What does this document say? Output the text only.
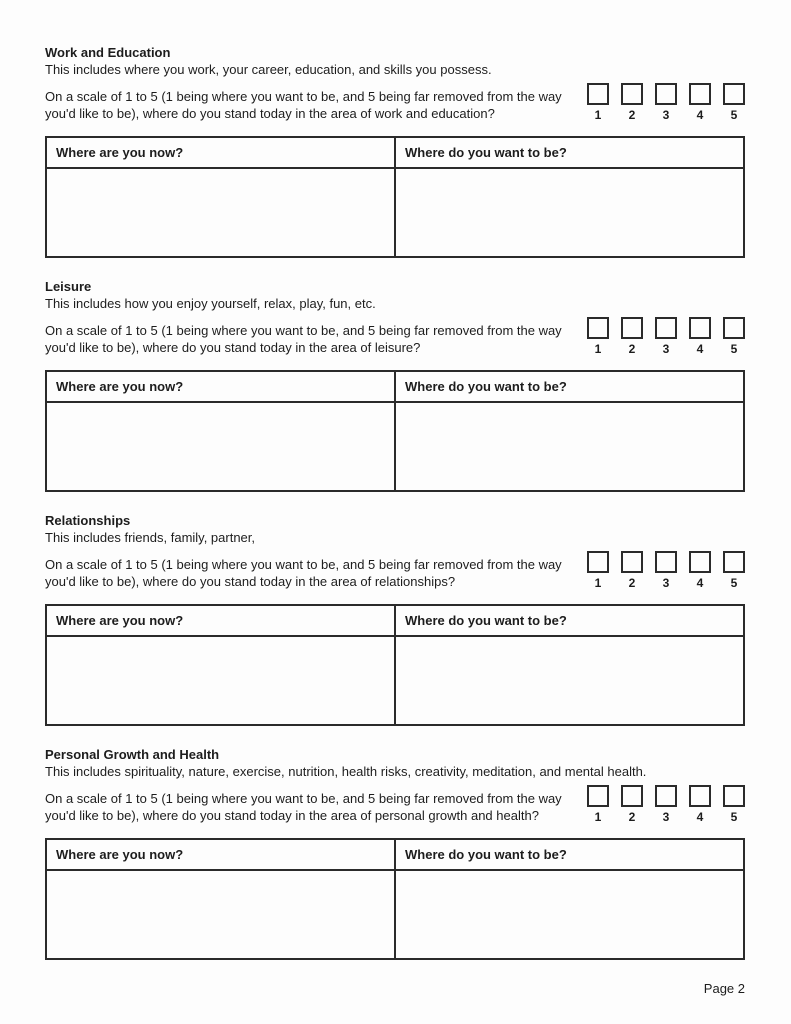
Work and Education

This includes where you work, your career, education, and skills you possess.

On a scale of 1 to 5 (1 being where you want to be, and 5 being far removed from the way you'd like to be), where do you stand today in the area of work and education?	1 2 3 4 5
Where are you now?	Where do you want to be?

Leisure

This includes how you enjoy yourself, relax, play, fun, etc.

On a scale of 1 to 5 (1 being where you want to be, and 5 being far removed from the way you'd like to be), where do you stand today in the area of leisure?	1 2 3 4 5
Where are you now?	Where do you want to be?

Relationships

This includes friends, family, partner,

On a scale of 1 to 5 (1 being where you want to be, and 5 being far removed from the way you'd like to be), where do you stand today in the area of relationships?	1 2 3 4 5
Where are you now?	Where do you want to be?

Personal Growth and Health

This includes spirituality, nature, exercise, nutrition, health risks, creativity, meditation, and mental health.

On a scale of 1 to 5 (1 being where you want to be, and 5 being far removed from the way you'd like to be), where do you stand today in the area of personal growth and health?	1 2 3 4 5
Where are you now?	Where do you want to be?

Page 2
